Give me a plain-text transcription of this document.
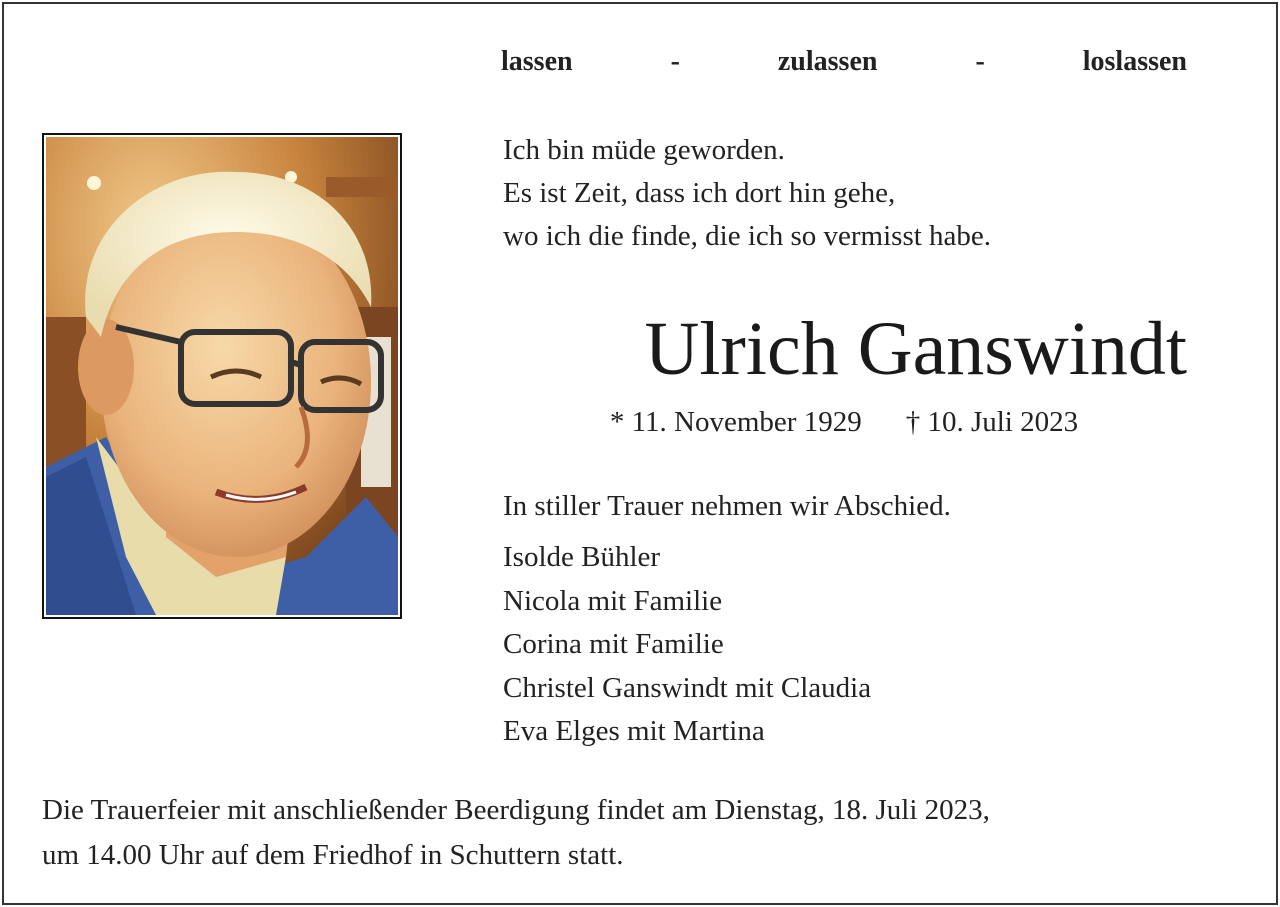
lassen	-	zulassen	-	loslassen
Ich bin müde geworden.
Es ist Zeit, dass ich dort hin gehe,
wo ich die finde, die ich so vermisst habe.
Ulrich Ganswindt
* 11. November 1929 † 10. Juli 2023
In stiller Trauer nehmen wir Abschied.
Isolde Bühler
Nicola mit Familie
Corina mit Familie
Christel Ganswindt mit Claudia
Eva Elges mit Martina
Die Trauerfeier mit anschließender Beerdigung findet am Dienstag, 18. Juli 2023,
um 14.00 Uhr auf dem Friedhof in Schuttern statt.
